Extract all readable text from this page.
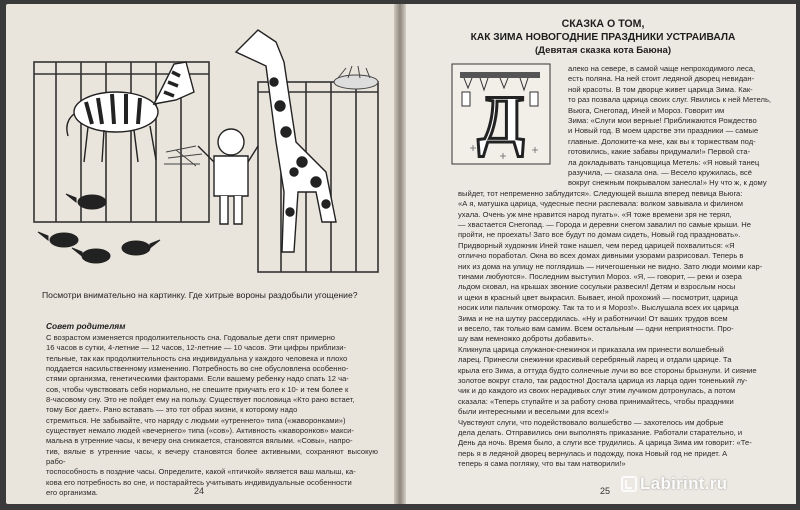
Посмотри внимательно на картинку. Где хитрые вороны раздобыли угощение?
Совет родителям
С возрастом изменяется продолжительность сна. Годовалые дети спят примерно
16 часов в сутки, 4-летние — 12 часов, 12-летние — 10 часов. Эти цифры приблизи-
тельные, так как продолжительность сна индивидуальна у каждого человека и плохо
поддается насильственному изменению. Потребность во сне обусловлена особенно-
стями организма, генетическими факторами. Если вашему ребенку надо спать 12 ча-
сов, чтобы чувствовать себя нормально, не спешите приучать его к 10- и тем более к
8-часовому сну. Это не пойдет ему на пользу. Существует пословица «Кто рано встает,
тому Бог дает». Рано вставать — это тот образ жизни, к которому надо
стремиться. Не забывайте, что наряду с людьми «утреннего» типа («жаворонками»)
существует немало людей «вечернего» типа («сов»). Активность «жаворонков» макси-
мальна в утренние часы, к вечеру она снижается, становятся вялыми. «Совы», напро-
тив, вялые в утренние часы, к вечеру становятся более активными, сохраняют высокую рабо-
тоспособность в поздние часы. Определите, какой «птичкой» является ваш малыш, ка-
кова его потребность во сне, и постарайтесь учитывать индивидуальные особенности
его организма.	24
СКАЗКА О ТОМ,
КАК ЗИМА НОВОГОДНИЕ ПРАЗДНИКИ УСТРАИВАЛА
(Девятая сказка кота Баюна)
Д
алеко на севере, в самой чаще непроходимого леса,
есть поляна. На ней стоит ледяной дворец невидан-
ной красоты. В том дворце живет царица Зима. Как-
то раз позвала царица своих слуг. Явились к ней Метель,
Вьюга, Снегопад, Иней и Мороз. Говорит им
Зима: «Слуги мои верные! Приближаются Рождество
и Новый год. В моем царстве эти праздники — самые
главные. Доложите-ка мне, как вы к торжествам под-
готовились, какие забавы придумали!» Первой ста-
ла докладывать танцовщица Метель: «Я новый танец
разучила, — сказала она. — Весело кружилась, всё
вокруг снежным покрывалом занесла!» Ну что ж, к дому
выйдет, тот непременно заблудится». Следующей вышла вперед певица Вьюга:
«А я, матушка царица, чудесные песни распевала: волком завывала и филином
ухала. Очень уж мне нравится народ пугать». «Я тоже времени зря не терял,
— хвастается Снегопад. — Города и деревни снегом завалил по самые крыши. Не
пройти, не проехать! Зато все будут по домам сидеть, Новый год праздновать».
Придворный художник Иней тоже нашел, чем перед царицей похвалиться: «Я
отлично поработал. Окна во всех домах дивными узорами разрисовал. Теперь в
них из дома на улицу не поглядишь — ничегошеньки не видно. Зато люди моими кар-
тинами любуются». Последним выступил Мороз. «Я, — говорит, — реки и озера
льдом сковал, на крышах звонкие сосульки развесил! Детям и взрослым носы
и щеки в красный цвет выкрасил. Бывает, иной прохожий — посмотрит, царица
носик или пальчик отморожу. Так та то и я Мороз!». Выслушала всех их царица
Зима и не на шутку рассердилась. «Ну и работнички! От ваших трудов всем
и весело, так только вам самим. Всем остальным — одни неприятности. Про-
шу вам немножко доброты добавить».
Кликнула царица служанок-снежинок и приказала им принести волшебный
ларец. Принесли снежинки красивый серебряный ларец и отдали царице. Та
крыла его Зима, а оттуда будто солнечные лучи во все стороны брызнули. И сияние
золотое вокруг стало, так радостно! Достала царица из ларца один тоненький лу-
чик и до каждого из своих нерадивых слуг этим лучиком дотронулась, а потом
сказала: «Теперь ступайте и за работу снова принимайтесь, чтобы праздники
были интересными и веселыми для всех!»
Чувствуют слуги, что подействовало волшебство — захотелось им добрые
дела делать. Отправились они выполнять приказание. Работали старательно, и
День да ночь. Время было, а слуги все трудились. А царица Зима им говорит: «Те-
перь я в ледяной дворец вернулась и подожду, пока Новый год не придет. А
теперь я сама погляжу, что вы там натворили!»
25 Labirint.ru
